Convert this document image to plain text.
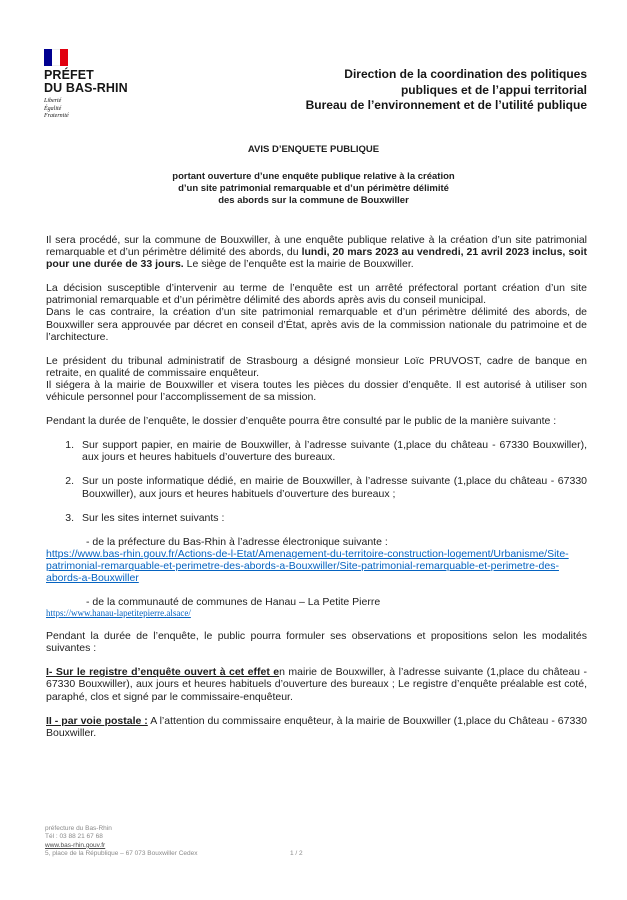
PRÉFET
DU BAS-RHIN
Liberté
Égalité
Fraternité
Direction de la coordination des politiques
publiques et de l’appui territorial
Bureau de l’environnement et de l’utilité publique
AVIS D’ENQUETE PUBLIQUE
portant ouverture d’une enquête publique relative à la création
d’un site patrimonial remarquable et d’un périmètre délimité
des abords sur la commune de Bouxwiller

Il sera procédé, sur la commune de Bouxwiller, à une enquête publique relative à la création d’un site patrimonial remarquable et d’un périmètre délimité des abords, du lundi, 20 mars 2023 au vendredi, 21 avril 2023 inclus, soit pour une durée de 33 jours. Le siège de l’enquête est la mairie de Bouxwiller.

La décision susceptible d’intervenir au terme de l’enquête est un arrêté préfectoral portant création d’un site patrimonial remarquable et d’un périmètre délimité des abords après avis du conseil municipal.

Dans le cas contraire, la création d’un site patrimonial remarquable et d’un périmètre délimité des abords, de Bouxwiller sera approuvée par décret en conseil d’État, après avis de la commission nationale du patrimoine et de l’architecture.

Le président du tribunal administratif de Strasbourg a désigné monsieur Loïc PRUVOST, cadre de banque en retraite, en qualité de commissaire enquêteur.

Il siégera à la mairie de Bouxwiller et visera toutes les pièces du dossier d’enquête. Il est autorisé à utiliser son véhicule personnel pour l’accomplissement de sa mission.

Pendant la durée de l’enquête, le dossier d’enquête pourra être consulté par le public de la manière suivante :

1. Sur support papier, en mairie de Bouxwiller, à l’adresse suivante (1,place du château - 67330 Bouxwiller), aux jours et heures habituels d’ouverture des bureaux.
2. Sur un poste informatique dédié, en mairie de Bouxwiller, à l’adresse suivante (1,place du château - 67330 Bouxwiller), aux jours et heures habituels d’ouverture des bureaux ;
3. Sur les sites internet suivants :

- de la préfecture du Bas-Rhin à l’adresse électronique suivante :

https://www.bas-rhin.gouv.fr/Actions-de-l-Etat/Amenagement-du-territoire-construction-logement/Urbanisme/Site-patrimonial-remarquable-et-perimetre-des-abords-a-Bouxwiller/Site-patrimonial-remarquable-et-perimetre-des-abords-a-Bouxwiller

- de la communauté de communes de Hanau – La Petite Pierre

https://www.hanau-lapetitepierre.alsace/

Pendant la durée de l’enquête, le public pourra formuler ses observations et propositions selon les modalités suivantes :

I- Sur le registre d’enquête ouvert à cet effet en mairie de Bouxwiller, à l’adresse suivante (1,place du château - 67330 Bouxwiller), aux jours et heures habituels d’ouverture des bureaux ; Le registre d’enquête préalable est coté, paraphé, clos et signé par le commissaire-enquêteur.

II - par voie postale : A l’attention du commissaire enquêteur, à la mairie de Bouxwiller (1,place du Château - 67330 Bouxwiller.

préfecture du Bas-Rhin
Tél : 03 88 21 67 68
www.bas-rhin.gouv.fr
5, place de la République – 67 073 Bouxwiller Cedex	1 / 2
